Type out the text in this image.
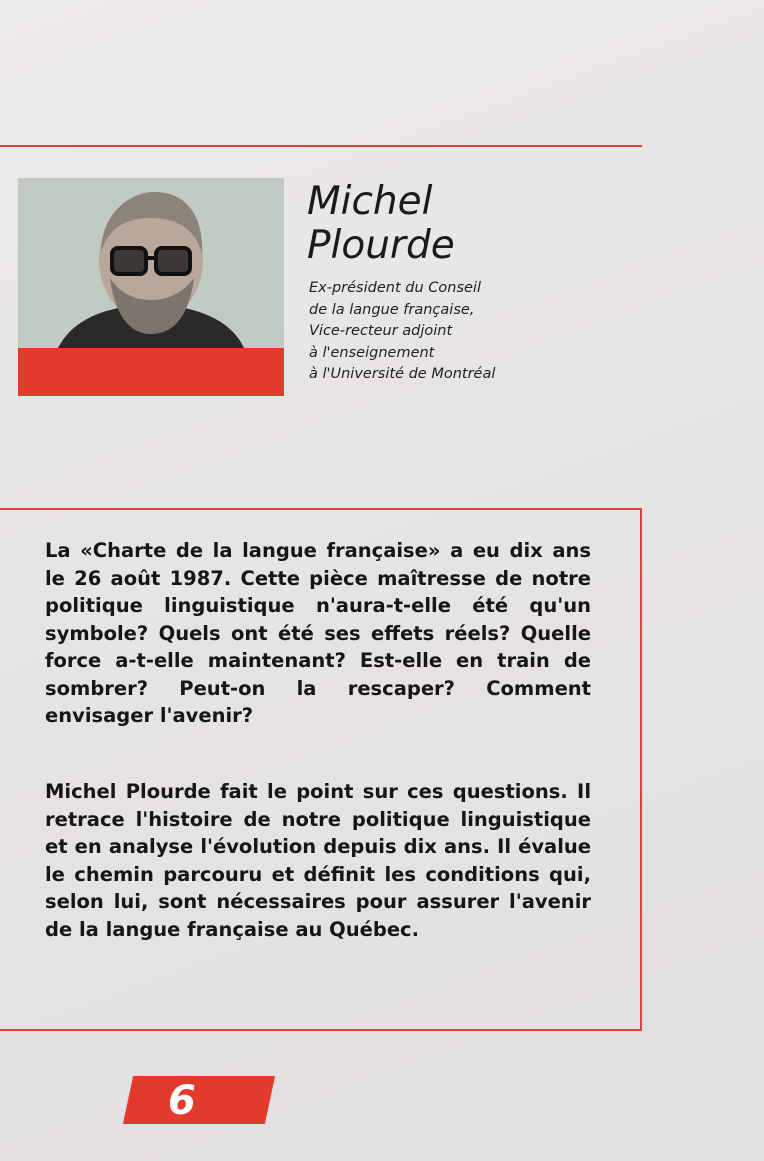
Michel
Plourde

Ex-président du Conseil
de la langue française,
Vice-recteur adjoint
à l'enseignement
à l'Université de Montréal

La «Charte de la langue française» a eu dix ans le 26 août 1987. Cette pièce maîtresse de notre politique linguistique n'aura-t-elle été qu'un symbole? Quels ont été ses effets réels? Quelle force a-t-elle maintenant? Est-elle en train de sombrer? Peut-on la rescaper? Comment envisager l'avenir?

Michel Plourde fait le point sur ces questions. Il retrace l'histoire de notre politique linguistique et en analyse l'évolution depuis dix ans. Il évalue le chemin parcouru et définit les conditions qui, selon lui, sont nécessaires pour assurer l'avenir de la langue française au Québec.

6
